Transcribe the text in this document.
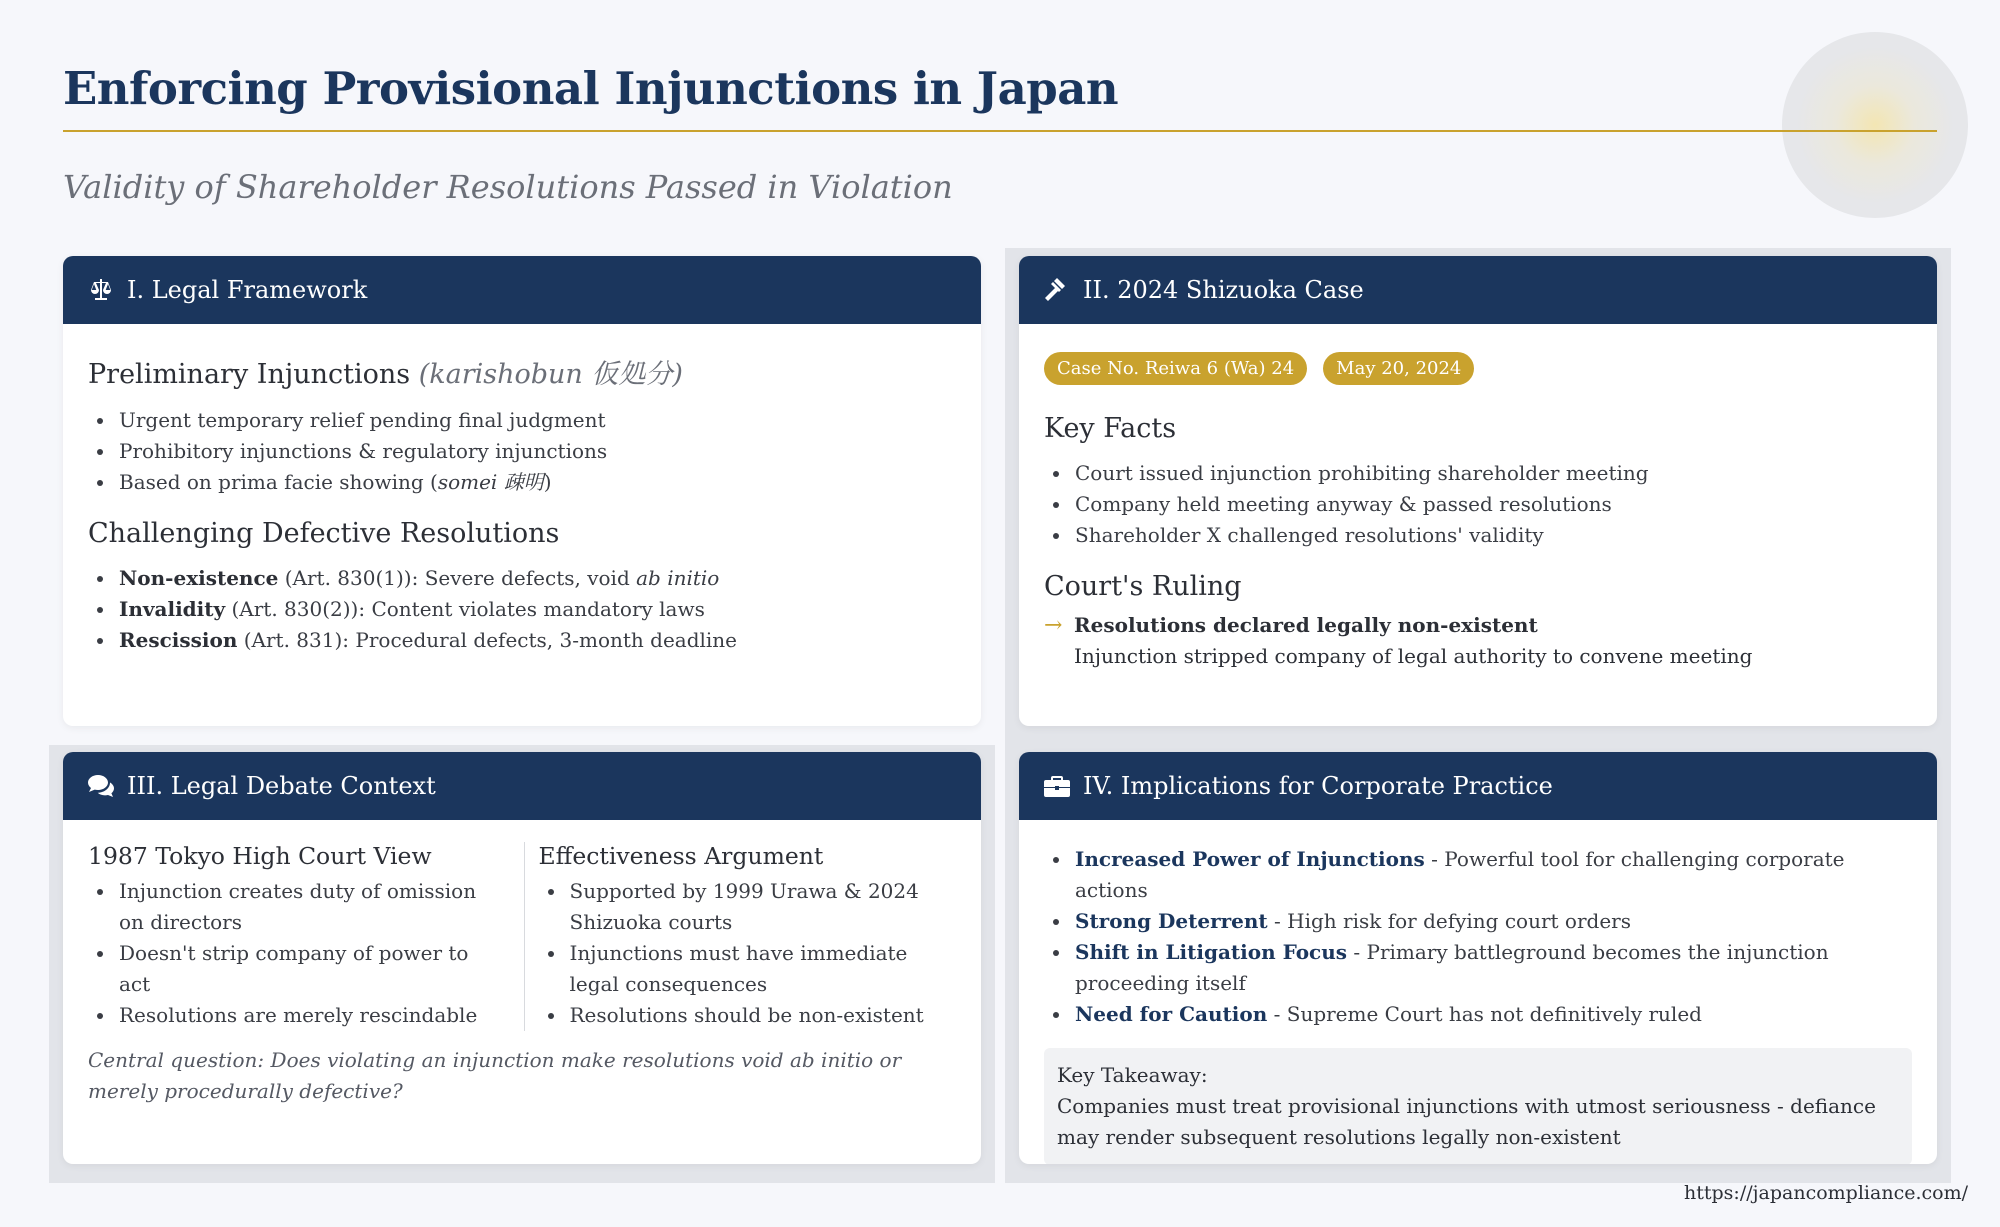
Enforcing Provisional Injunctions in Japan
Validity of Shareholder Resolutions Passed in Violation
I. Legal Framework
Preliminary Injunctions (karishobun 仮処分)
Urgent temporary relief pending final judgment
Prohibitory injunctions & regulatory injunctions
Based on prima facie showing (somei 疎明)
Challenging Defective Resolutions
Non-existence (Art. 830(1)): Severe defects, void ab initio
Invalidity (Art. 830(2)): Content violates mandatory laws
Rescission (Art. 831): Procedural defects, 3-month deadline
II. 2024 Shizuoka Case
Case No. Reiwa 6 (Wa) 24 May 20, 2024
Key Facts
Court issued injunction prohibiting shareholder meeting
Company held meeting anyway & passed resolutions
Shareholder X challenged resolutions' validity
Court's Ruling
→ Resolutions declared legally non-existent
Injunction stripped company of legal authority to convene meeting
III. Legal Debate Context
1987 Tokyo High Court View
Injunction creates duty of omission on directors
Doesn't strip company of power to act
Resolutions are merely rescindable
Effectiveness Argument
Supported by 1999 Urawa & 2024 Shizuoka courts
Injunctions must have immediate legal consequences
Resolutions should be non-existent
Central question: Does violating an injunction make resolutions void ab initio or merely procedurally defective?
IV. Implications for Corporate Practice
Increased Power of Injunctions - Powerful tool for challenging corporate actions
Strong Deterrent - High risk for defying court orders
Shift in Litigation Focus - Primary battleground becomes the injunction proceeding itself
Need for Caution - Supreme Court has not definitively ruled
Key Takeaway:
Companies must treat provisional injunctions with utmost seriousness - defiance may render subsequent resolutions legally non-existent
https://japancompliance.com/
